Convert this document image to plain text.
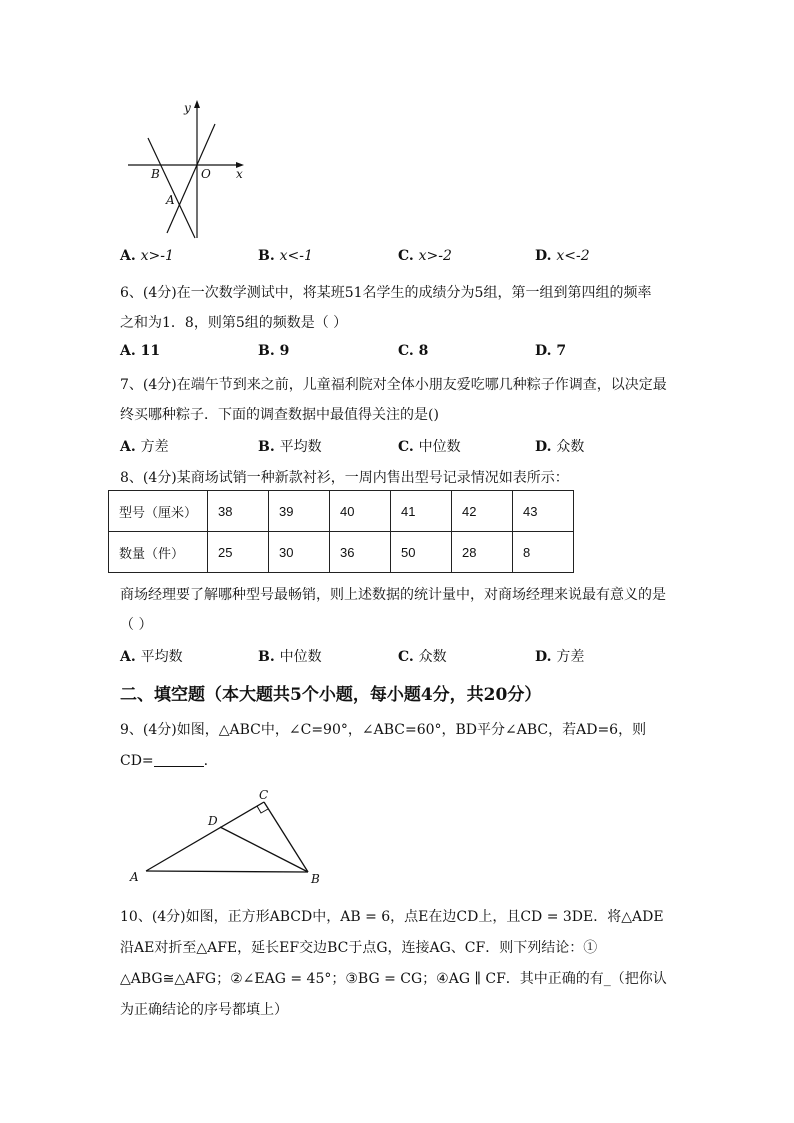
y
x
O
B
A
A. x>-1	B. x<-1	C. x>-2	D. x<-2
6、(4分)在一次数学测试中，将某班51名学生的成绩分为5组，第一组到第四组的频率
之和为1．8，则第5组的频数是（ ）
A. 11	B. 9	C. 8	D. 7
7、(4分)在端午节到来之前，儿童福利院对全体小朋友爱吃哪几种粽子作调查，以决定最
终买哪种粽子．下面的调查数据中最值得关注的是()
A. 方差	B. 平均数	C. 中位数	D. 众数
8、(4分)某商场试销一种新款衬衫，一周内售出型号记录情况如表所示：
型号（厘米）	38	39	40	41	42	43
数量（件）	25	30	36	50	28	8
商场经理要了解哪种型号最畅销，则上述数据的统计量中，对商场经理来说最有意义的是
（ ）
A. 平均数	B. 中位数	C. 众数	D. 方差
二、填空题（本大题共5个小题，每小题4分，共20分）
9、(4分)如图，△ABC中，∠C=90°，∠ABC=60°，BD平分∠ABC，若AD=6，则
CD=	.
A	B
C
D
10、(4分)如图，正方形ABCD中，AB = 6，点E在边CD上，且CD = 3DE．将△ADE
沿AE对折至△AFE，延长EF交边BC于点G，连接AG、CF．则下列结论：①
△ABG≅△AFG；②∠EAG = 45°；③BG = CG；④AG ∥ CF．其中正确的有_（把你认
为正确结论的序号都填上）
